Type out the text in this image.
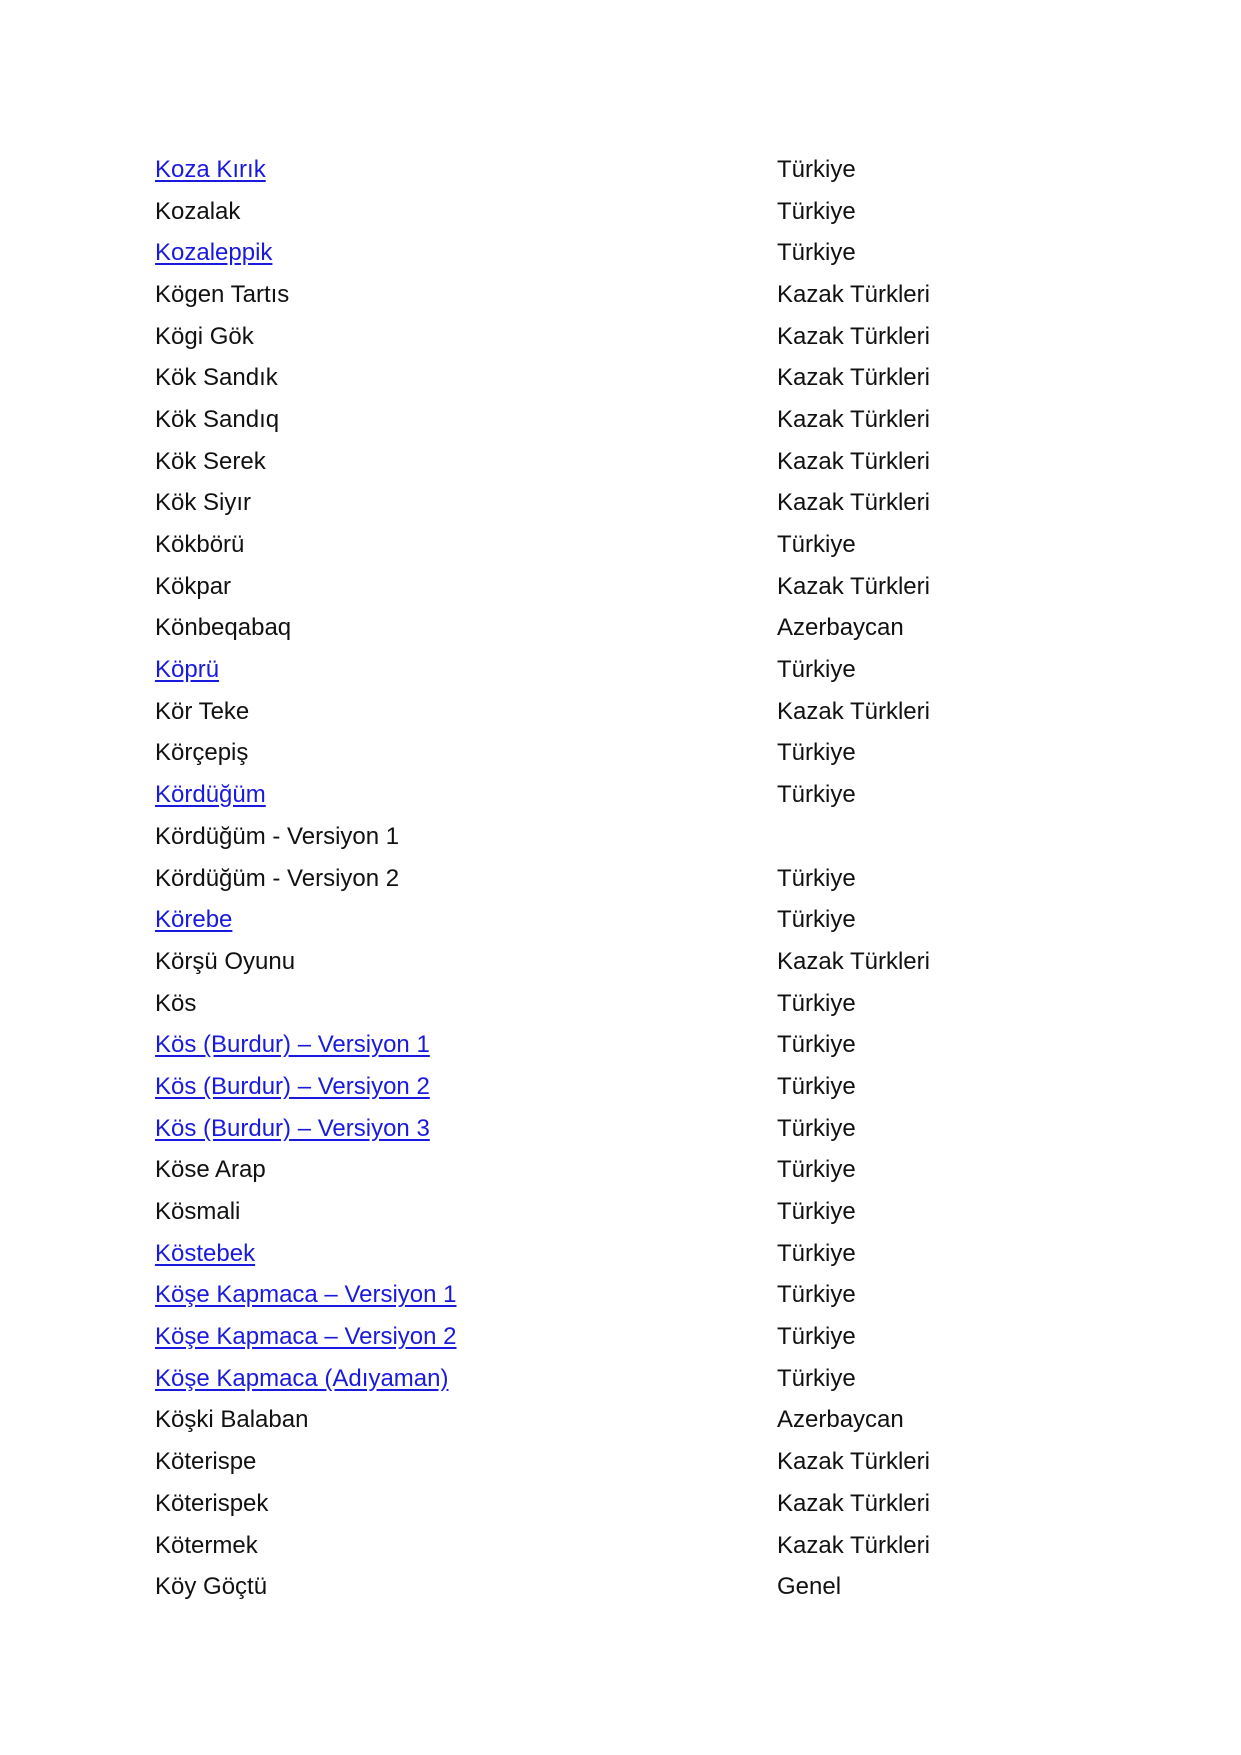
Koza Kırık	Türkiye
Kozalak	Türkiye
Kozaleppik	Türkiye
Kögen Tartıs	Kazak Türkleri
Kögi Gök	Kazak Türkleri
Kök Sandık	Kazak Türkleri
Kök Sandıq	Kazak Türkleri
Kök Serek	Kazak Türkleri
Kök Siyır	Kazak Türkleri
Kökbörü	Türkiye
Kökpar	Kazak Türkleri
Könbeqabaq	Azerbaycan
Köprü	Türkiye
Kör Teke	Kazak Türkleri
Körçepiş	Türkiye
Kördüğüm	Türkiye
Kördüğüm - Versiyon 1
Kördüğüm - Versiyon 2	Türkiye
Körebe	Türkiye
Körşü Oyunu	Kazak Türkleri
Kös	Türkiye
Kös (Burdur) – Versiyon 1	Türkiye
Kös (Burdur) – Versiyon 2	Türkiye
Kös (Burdur) – Versiyon 3	Türkiye
Köse Arap	Türkiye
Kösmali	Türkiye
Köstebek	Türkiye
Köşe Kapmaca – Versiyon 1	Türkiye
Köşe Kapmaca – Versiyon 2	Türkiye
Köşe Kapmaca (Adıyaman)	Türkiye
Köşki Balaban	Azerbaycan
Köterispe	Kazak Türkleri
Köterispek	Kazak Türkleri
Kötermek	Kazak Türkleri
Köy Göçtü	Genel
